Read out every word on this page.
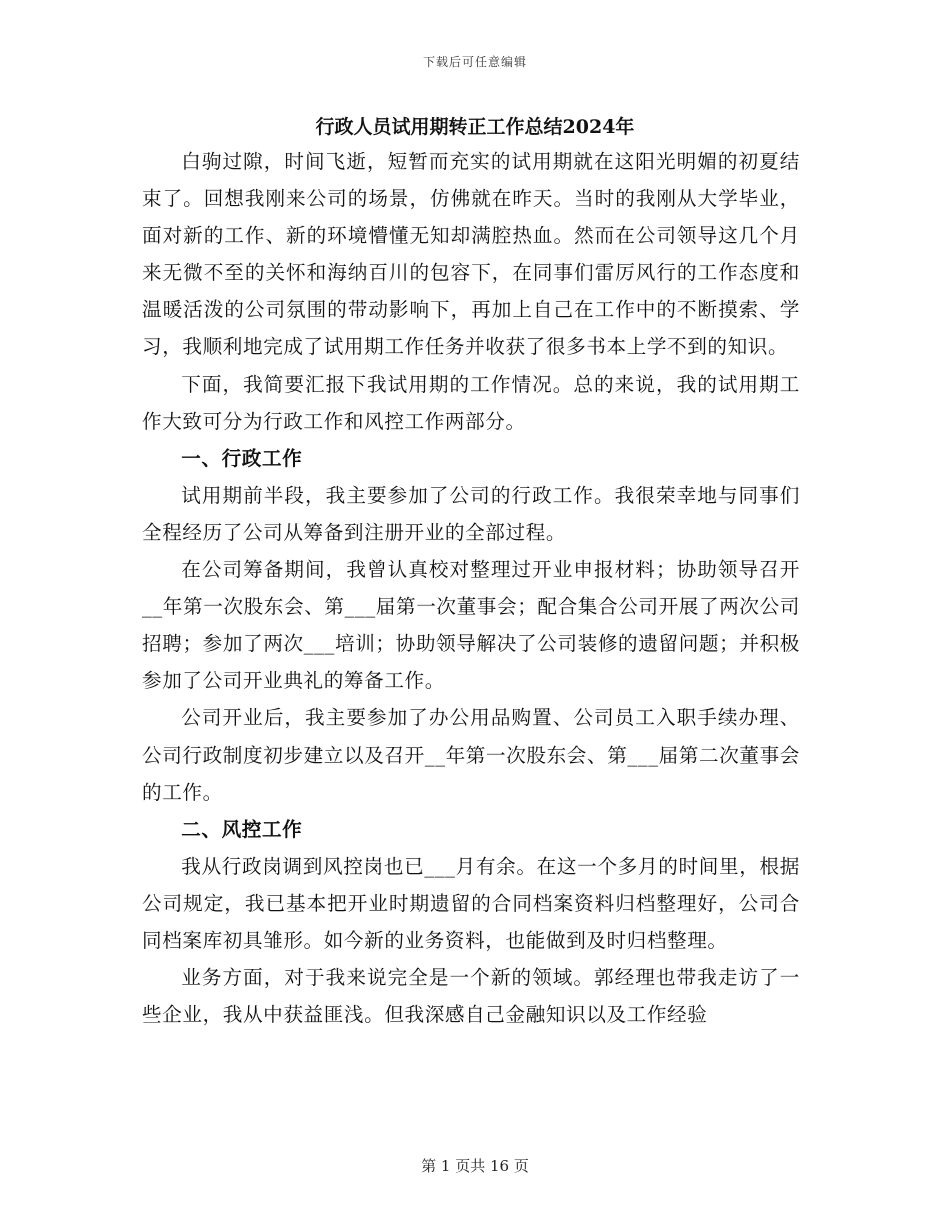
下载后可任意编辑
行政人员试用期转正工作总结2024年

白驹过隙，时间飞逝，短暂而充实的试用期就在这阳光明媚的初夏结束了。回想我刚来公司的场景，仿佛就在昨天。当时的我刚从大学毕业，面对新的工作、新的环境懵懂无知却满腔热血。然而在公司领导这几个月来无微不至的关怀和海纳百川的包容下，在同事们雷厉风行的工作态度和温暖活泼的公司氛围的带动影响下，再加上自己在工作中的不断摸索、学习，我顺利地完成了试用期工作任务并收获了很多书本上学不到的知识。

下面，我简要汇报下我试用期的工作情况。总的来说，我的试用期工作大致可分为行政工作和风控工作两部分。

一、行政工作

试用期前半段，我主要参加了公司的行政工作。我很荣幸地与同事们全程经历了公司从筹备到注册开业的全部过程。

在公司筹备期间，我曾认真校对整理过开业申报材料；协助领导召开__年第一次股东会、第___届第一次董事会；配合集合公司开展了两次公司招聘；参加了两次___培训；协助领导解决了公司装修的遗留问题；并积极参加了公司开业典礼的筹备工作。

公司开业后，我主要参加了办公用品购置、公司员工入职手续办理、公司行政制度初步建立以及召开__年第一次股东会、第___届第二次董事会的工作。

二、风控工作

我从行政岗调到风控岗也已___月有余。在这一个多月的时间里，根据公司规定，我已基本把开业时期遗留的合同档案资料归档整理好，公司合同档案库初具雏形。如今新的业务资料，也能做到及时归档整理。

业务方面，对于我来说完全是一个新的领域。郭经理也带我走访了一些企业，我从中获益匪浅。但我深感自己金融知识以及工作经验

第 1 页共 16 页
